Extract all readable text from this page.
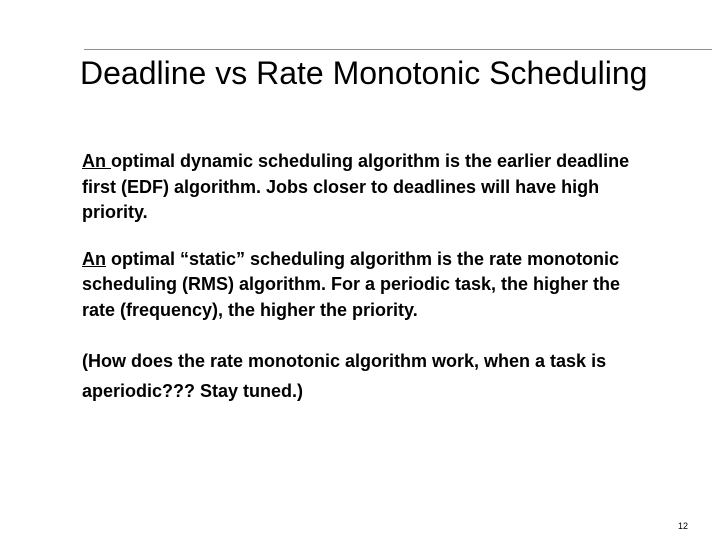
Deadline vs Rate Monotonic Scheduling

An optimal dynamic scheduling algorithm is the earlier deadline first (EDF) algorithm. Jobs closer to deadlines will have high priority.

An optimal “static” scheduling algorithm is the rate monotonic scheduling (RMS) algorithm. For a periodic task, the higher the rate (frequency), the higher the priority.

(How does the rate monotonic algorithm work, when a task is aperiodic??? Stay tuned.)

12
